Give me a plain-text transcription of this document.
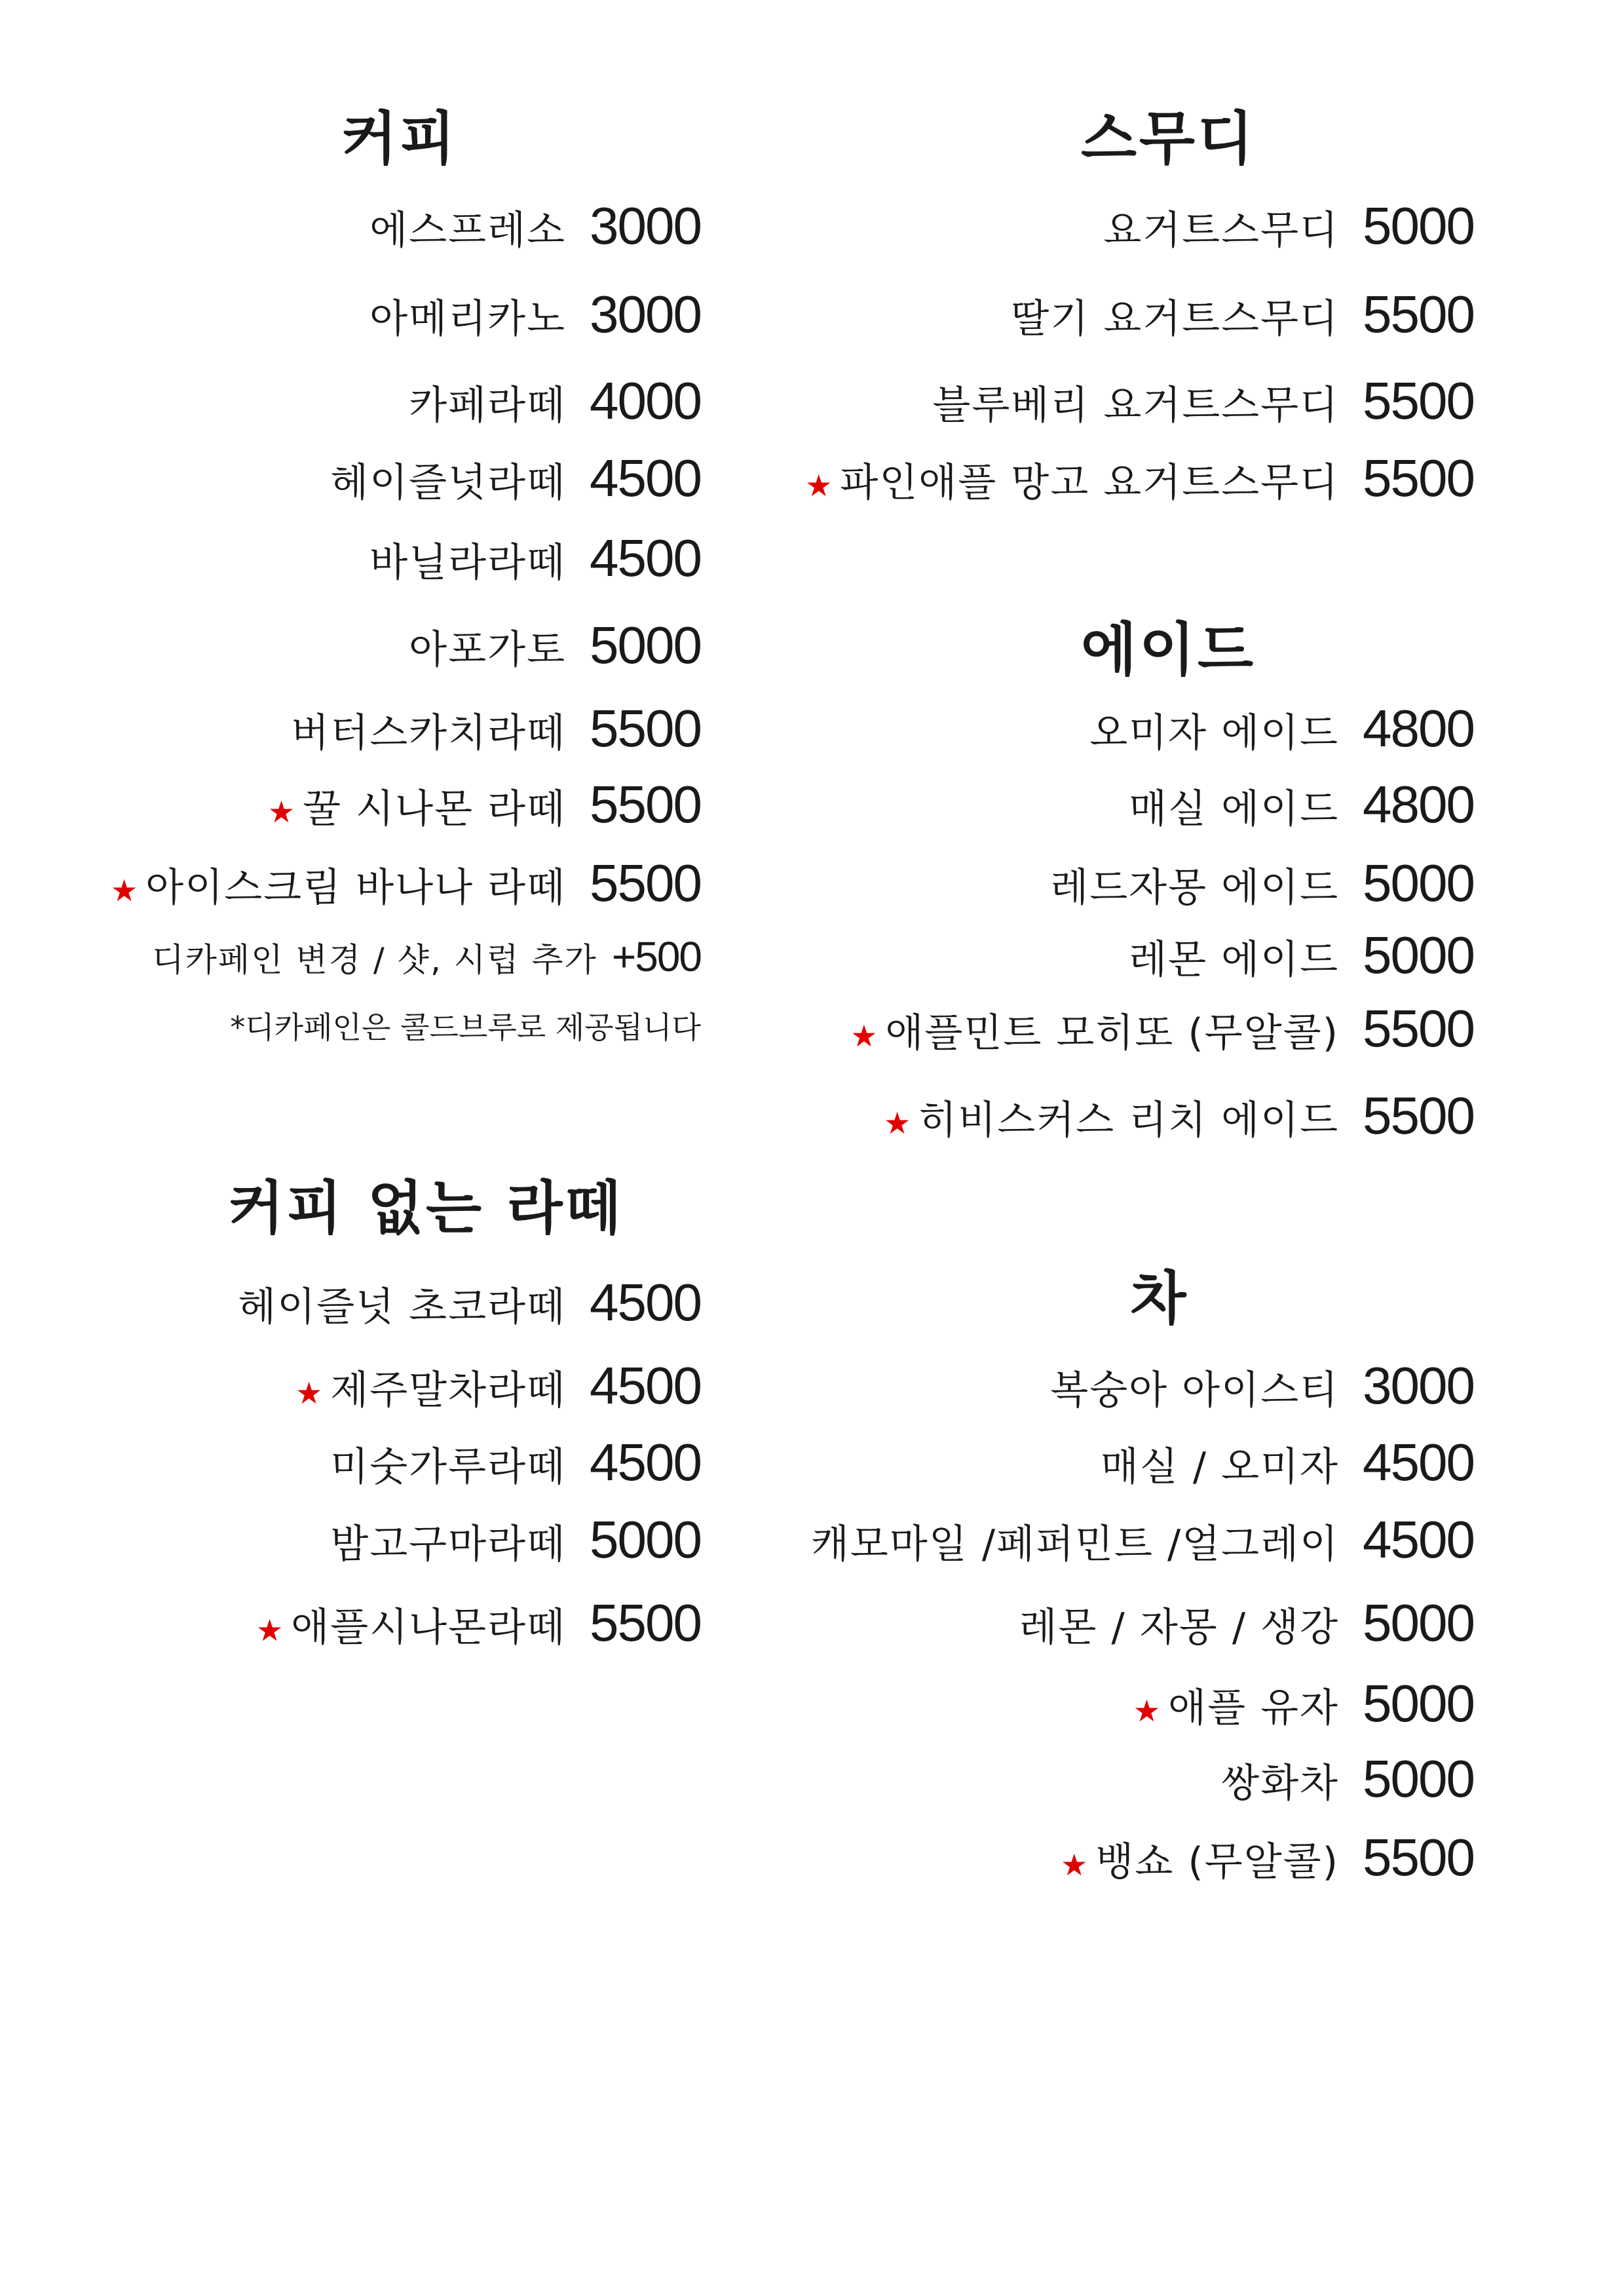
커피
에스프레소 3000
아메리카노 3000
카페라떼 4000
헤이즐넛라떼 4500
바닐라라떼 4500
아포가토 5000
버터스카치라떼 5500
★ 꿀 시나몬 라떼 5500
★ 아이스크림 바나나 라떼 5500
디카페인 변경 / 샷, 시럽 추가 +500
*디카페인은 콜드브루로 제공됩니다
커피 없는 라떼
헤이즐넛 초코라떼 4500
★ 제주말차라떼 4500
미숫가루라떼 4500
밤고구마라떼 5000
★ 애플시나몬라떼 5500
스무디
요거트스무디 5000
딸기 요거트스무디 5500
블루베리 요거트스무디 5500
★ 파인애플 망고 요거트스무디 5500
에이드
오미자 에이드 4800
매실 에이드 4800
레드자몽 에이드 5000
레몬 에이드 5000
★ 애플민트 모히또 (무알콜) 5500
★ 히비스커스 리치 에이드 5500
차
복숭아 아이스티 3000
매실 / 오미자 4500
캐모마일 /페퍼민트 /얼그레이 4500
레몬 / 자몽 / 생강 5000
★ 애플 유자 5000
쌍화차 5000
★ 뱅쇼 (무알콜) 5500
